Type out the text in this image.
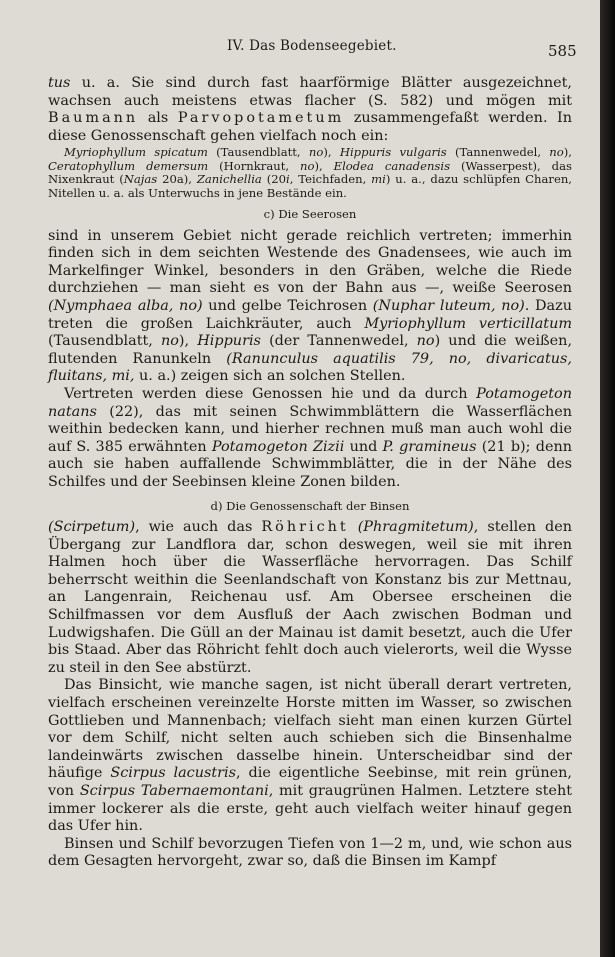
IV. Das Bodenseegebiet.	585

tus u. a. Sie sind durch fast haarförmige Blätter ausgezeichnet, wachsen auch meistens etwas flacher (S. 582) und mögen mit Baumann als Parvopotametum zusammengefaßt werden. In diese Genossenschaft gehen vielfach noch ein:

Myriophyllum spicatum (Tausendblatt, no), Hippuris vulgaris (Tannenwedel, no), Ceratophyllum demersum (Hornkraut, no), Elodea canadensis (Wasserpest), das Nixenkraut (Najas 20a), Zanichellia (20i, Teichfaden, mi) u. a., dazu schlüpfen Charen, Nitellen u. a. als Unterwuchs in jene Bestände ein.

c) Die Seerosen

sind in unserem Gebiet nicht gerade reichlich vertreten; immerhin finden sich in dem seichten Westende des Gnadensees, wie auch im Markelfinger Winkel, besonders in den Gräben, welche die Riede durchziehen — man sieht es von der Bahn aus —, weiße Seerosen (Nymphaea alba, no) und gelbe Teichrosen (Nuphar luteum, no). Dazu treten die großen Laichkräuter, auch Myriophyllum verticillatum (Tausendblatt, no), Hippuris (der Tannenwedel, no) und die weißen, flutenden Ranunkeln (Ranunculus aquatilis 79, no, divaricatus, fluitans, mi, u. a.) zeigen sich an solchen Stellen.

Vertreten werden diese Genossen hie und da durch Potamogeton natans (22), das mit seinen Schwimmblättern die Wasserflächen weithin bedecken kann, und hierher rechnen muß man auch wohl die auf S. 385 erwähnten Potamogeton Zizii und P. gramineus (21 b); denn auch sie haben auffallende Schwimmblätter, die in der Nähe des Schilfes und der Seebinsen kleine Zonen bilden.

d) Die Genossenschaft der Binsen

(Scirpetum), wie auch das Röhricht (Phragmitetum), stellen den Übergang zur Landflora dar, schon deswegen, weil sie mit ihren Halmen hoch über die Wasserfläche hervorragen. Das Schilf beherrscht weithin die Seenlandschaft von Konstanz bis zur Mettnau, an Langenrain, Reichenau usf. Am Obersee erscheinen die Schilfmassen vor dem Ausfluß der Aach zwischen Bodman und Ludwigshafen. Die Güll an der Mainau ist damit besetzt, auch die Ufer bis Staad. Aber das Röhricht fehlt doch auch vielerorts, weil die Wysse zu steil in den See abstürzt.

Das Binsicht, wie manche sagen, ist nicht überall derart vertreten, vielfach erscheinen vereinzelte Horste mitten im Wasser, so zwischen Gottlieben und Mannenbach; vielfach sieht man einen kurzen Gürtel vor dem Schilf, nicht selten auch schieben sich die Binsenhalme landeinwärts zwischen dasselbe hinein. Unterscheidbar sind der häufige Scirpus lacustris, die eigentliche Seebinse, mit rein grünen, von Scirpus Tabernaemontani, mit graugrünen Halmen. Letztere steht immer lockerer als die erste, geht auch vielfach weiter hinauf gegen das Ufer hin.

Binsen und Schilf bevorzugen Tiefen von 1—2 m, und, wie schon aus dem Gesagten hervorgeht, zwar so, daß die Binsen im Kampf
